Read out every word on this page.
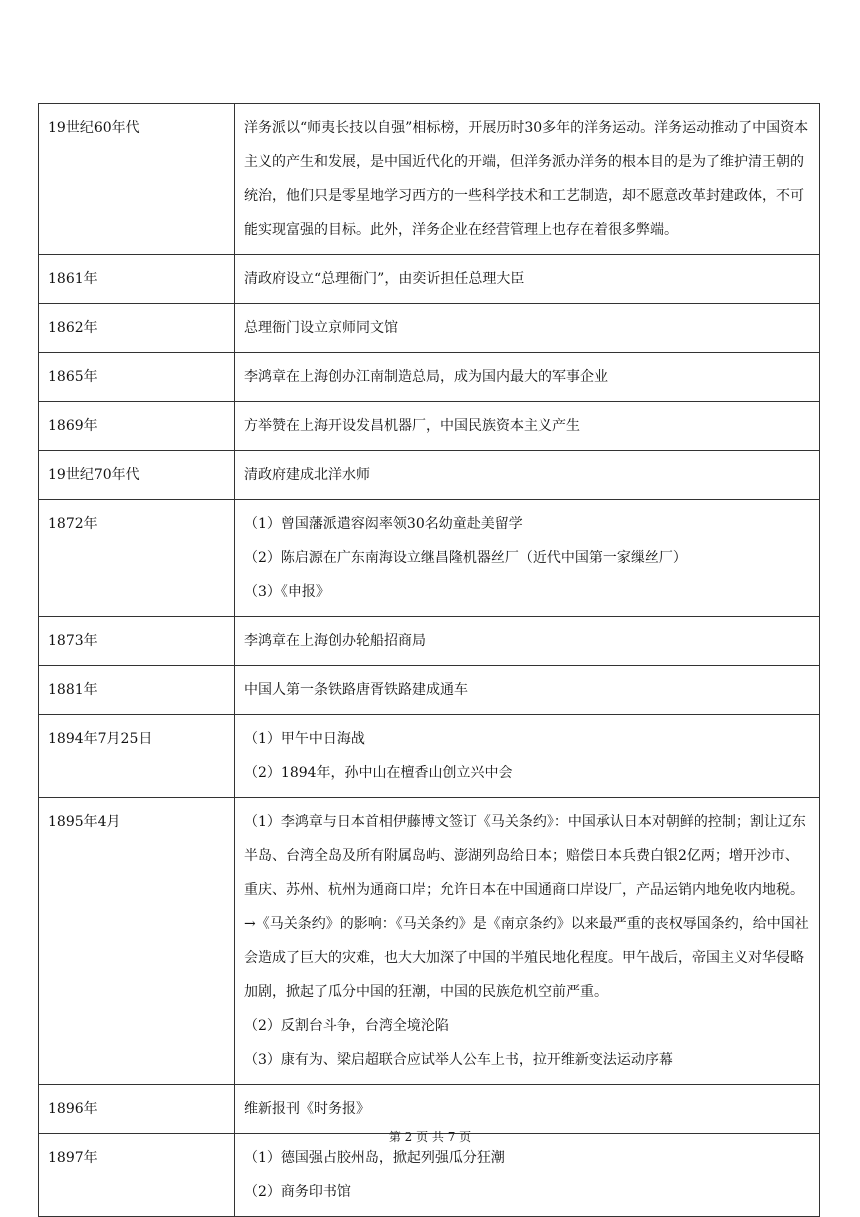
19世纪60年代	洋务派以“师夷长技以自强”相标榜，开展历时30多年的洋务运动。洋务运动推动了中国资本主义的产生和发展，是中国近代化的开端，但洋务派办洋务的根本目的是为了维护清王朝的统治，他们只是零星地学习西方的一些科学技术和工艺制造，却不愿意改革封建政体，不可能实现富强的目标。此外，洋务企业在经营管理上也存在着很多弊端。

1861年	清政府设立“总理衙门”，由奕䜣担任总理大臣

1862年	总理衙门设立京师同文馆

1865年	李鸿章在上海创办江南制造总局，成为国内最大的军事企业

1869年	方举赞在上海开设发昌机器厂，中国民族资本主义产生

19世纪70年代	清政府建成北洋水师

1872年	（1）曾国藩派遣容闳率领30名幼童赴美留学

（2）陈启源在广东南海设立继昌隆机器丝厂（近代中国第一家缫丝厂）

（3）《申报》

1873年	李鸿章在上海创办轮船招商局

1881年	中国人第一条铁路唐胥铁路建成通车

1894年7月25日	（1）甲午中日海战

（2）1894年，孙中山在檀香山创立兴中会

1895年4月	（1）李鸿章与日本首相伊藤博文签订《马关条约》：中国承认日本对朝鲜的控制；割让辽东半岛、台湾全岛及所有附属岛屿、澎湖列岛给日本；赔偿日本兵费白银2亿两；增开沙市、重庆、苏州、杭州为通商口岸；允许日本在中国通商口岸设厂，产品运销内地免收内地税。

→《马关条约》的影响：《马关条约》是《南京条约》以来最严重的丧权辱国条约，给中国社会造成了巨大的灾难，也大大加深了中国的半殖民地化程度。甲午战后，帝国主义对华侵略加剧，掀起了瓜分中国的狂潮，中国的民族危机空前严重。

（2）反割台斗争，台湾全境沦陷

（3）康有为、梁启超联合应试举人公车上书，拉开维新变法运动序幕

1896年	维新报刊《时务报》

1897年	（1）德国强占胶州岛，掀起列强瓜分狂潮

（2）商务印书馆

第 2 页 共 7 页
